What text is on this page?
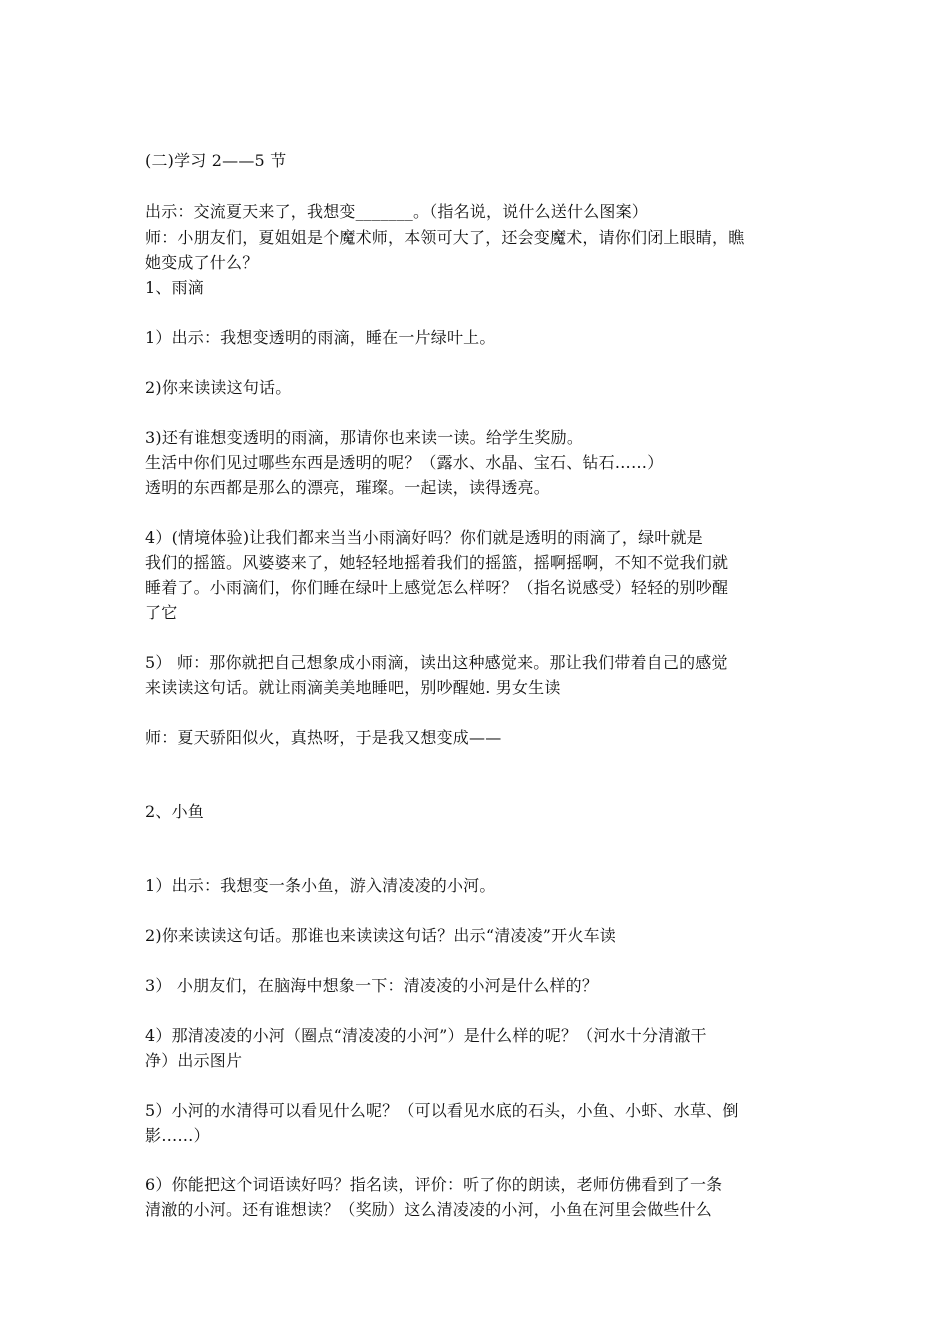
(二)学习 2——5 节
出示：交流夏天来了，我想变_______。（指名说，说什么送什么图案）
师：小朋友们，夏姐姐是个魔术师，本领可大了，还会变魔术，请你们闭上眼睛，瞧
她变成了什么？
1、雨滴
1）出示：我想变透明的雨滴，睡在一片绿叶上。
2)你来读读这句话。
3)还有谁想变透明的雨滴，那请你也来读一读。给学生奖励。
生活中你们见过哪些东西是透明的呢？（露水、水晶、宝石、钻石……）
透明的东西都是那么的漂亮，璀璨。一起读，读得透亮。
4）(情境体验)让我们都来当当小雨滴好吗？你们就是透明的雨滴了，绿叶就是
我们的摇篮。风婆婆来了，她轻轻地摇着我们的摇篮，摇啊摇啊，不知不觉我们就
睡着了。小雨滴们，你们睡在绿叶上感觉怎么样呀？（指名说感受）轻轻的别吵醒
了它
5） 师：那你就把自己想象成小雨滴，读出这种感觉来。那让我们带着自己的感觉
来读读这句话。就让雨滴美美地睡吧，别吵醒她. 男女生读
师：夏天骄阳似火，真热呀，于是我又想变成——
2、小鱼
1）出示：我想变一条小鱼，游入清凌凌的小河。
2)你来读读这句话。那谁也来读读这句话？出示“清凌凌”开火车读
3） 小朋友们，在脑海中想象一下：清凌凌的小河是什么样的？
4）那清凌凌的小河（圈点“清凌凌的小河”）是什么样的呢？（河水十分清澈干
净）出示图片
5）小河的水清得可以看见什么呢？（可以看见水底的石头，小鱼、小虾、水草、倒
影……）
6）你能把这个词语读好吗？指名读，评价：听了你的朗读，老师仿佛看到了一条
清澈的小河。还有谁想读？（奖励）这么清凌凌的小河，小鱼在河里会做些什么
